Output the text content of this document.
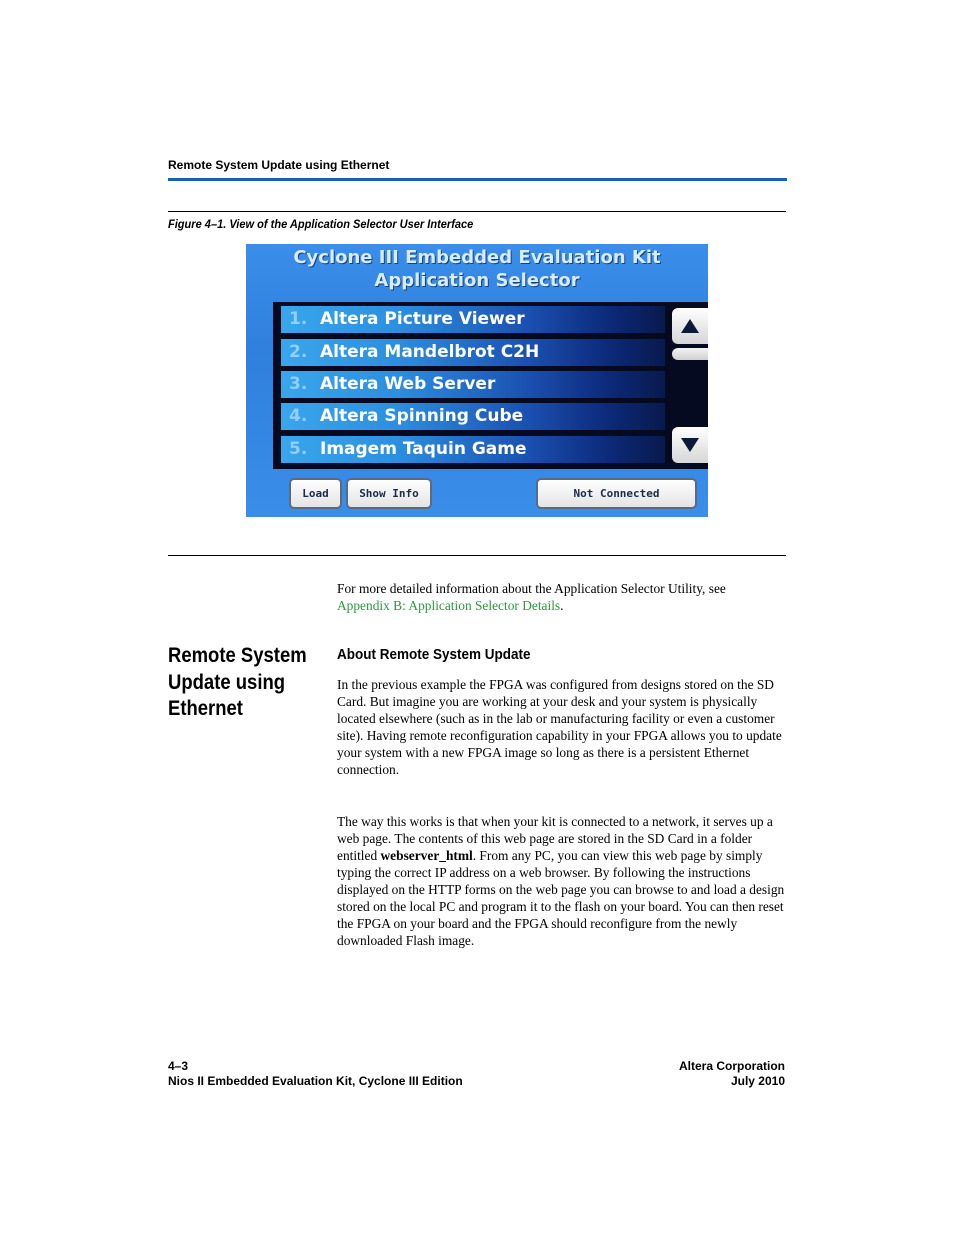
Remote System Update using Ethernet
Figure 4–1. View of the Application Selector User Interface
Cyclone III Embedded Evaluation Kit
Application Selector
1. Altera Picture Viewer
2. Altera Mandelbrot C2H
3. Altera Web Server
4. Altera Spinning Cube
5. Imagem Taquin Game
Load	Show Info	Not Connected
For more detailed information about the Application Selector Utility, see
Appendix B: Application Selector Details.
Remote System
Update using
Ethernet
About Remote System Update
In the previous example the FPGA was configured from designs stored on the SD Card. But imagine you are working at your desk and your system is physically located elsewhere (such as in the lab or manufacturing facility or even a customer site). Having remote reconfiguration capability in your FPGA allows you to update your system with a new FPGA image so long as there is a persistent Ethernet connection.
The way this works is that when your kit is connected to a network, it serves up a web page. The contents of this web page are stored in the SD Card in a folder entitled webserver_html. From any PC, you can view this web page by simply typing the correct IP address on a web browser. By following the instructions displayed on the HTTP forms on the web page you can browse to and load a design stored on the local PC and program it to the flash on your board. You can then reset the FPGA on your board and the FPGA should reconfigure from the newly downloaded Flash image.
4–3
Nios II Embedded Evaluation Kit, Cyclone III Edition
Altera Corporation
July 2010
